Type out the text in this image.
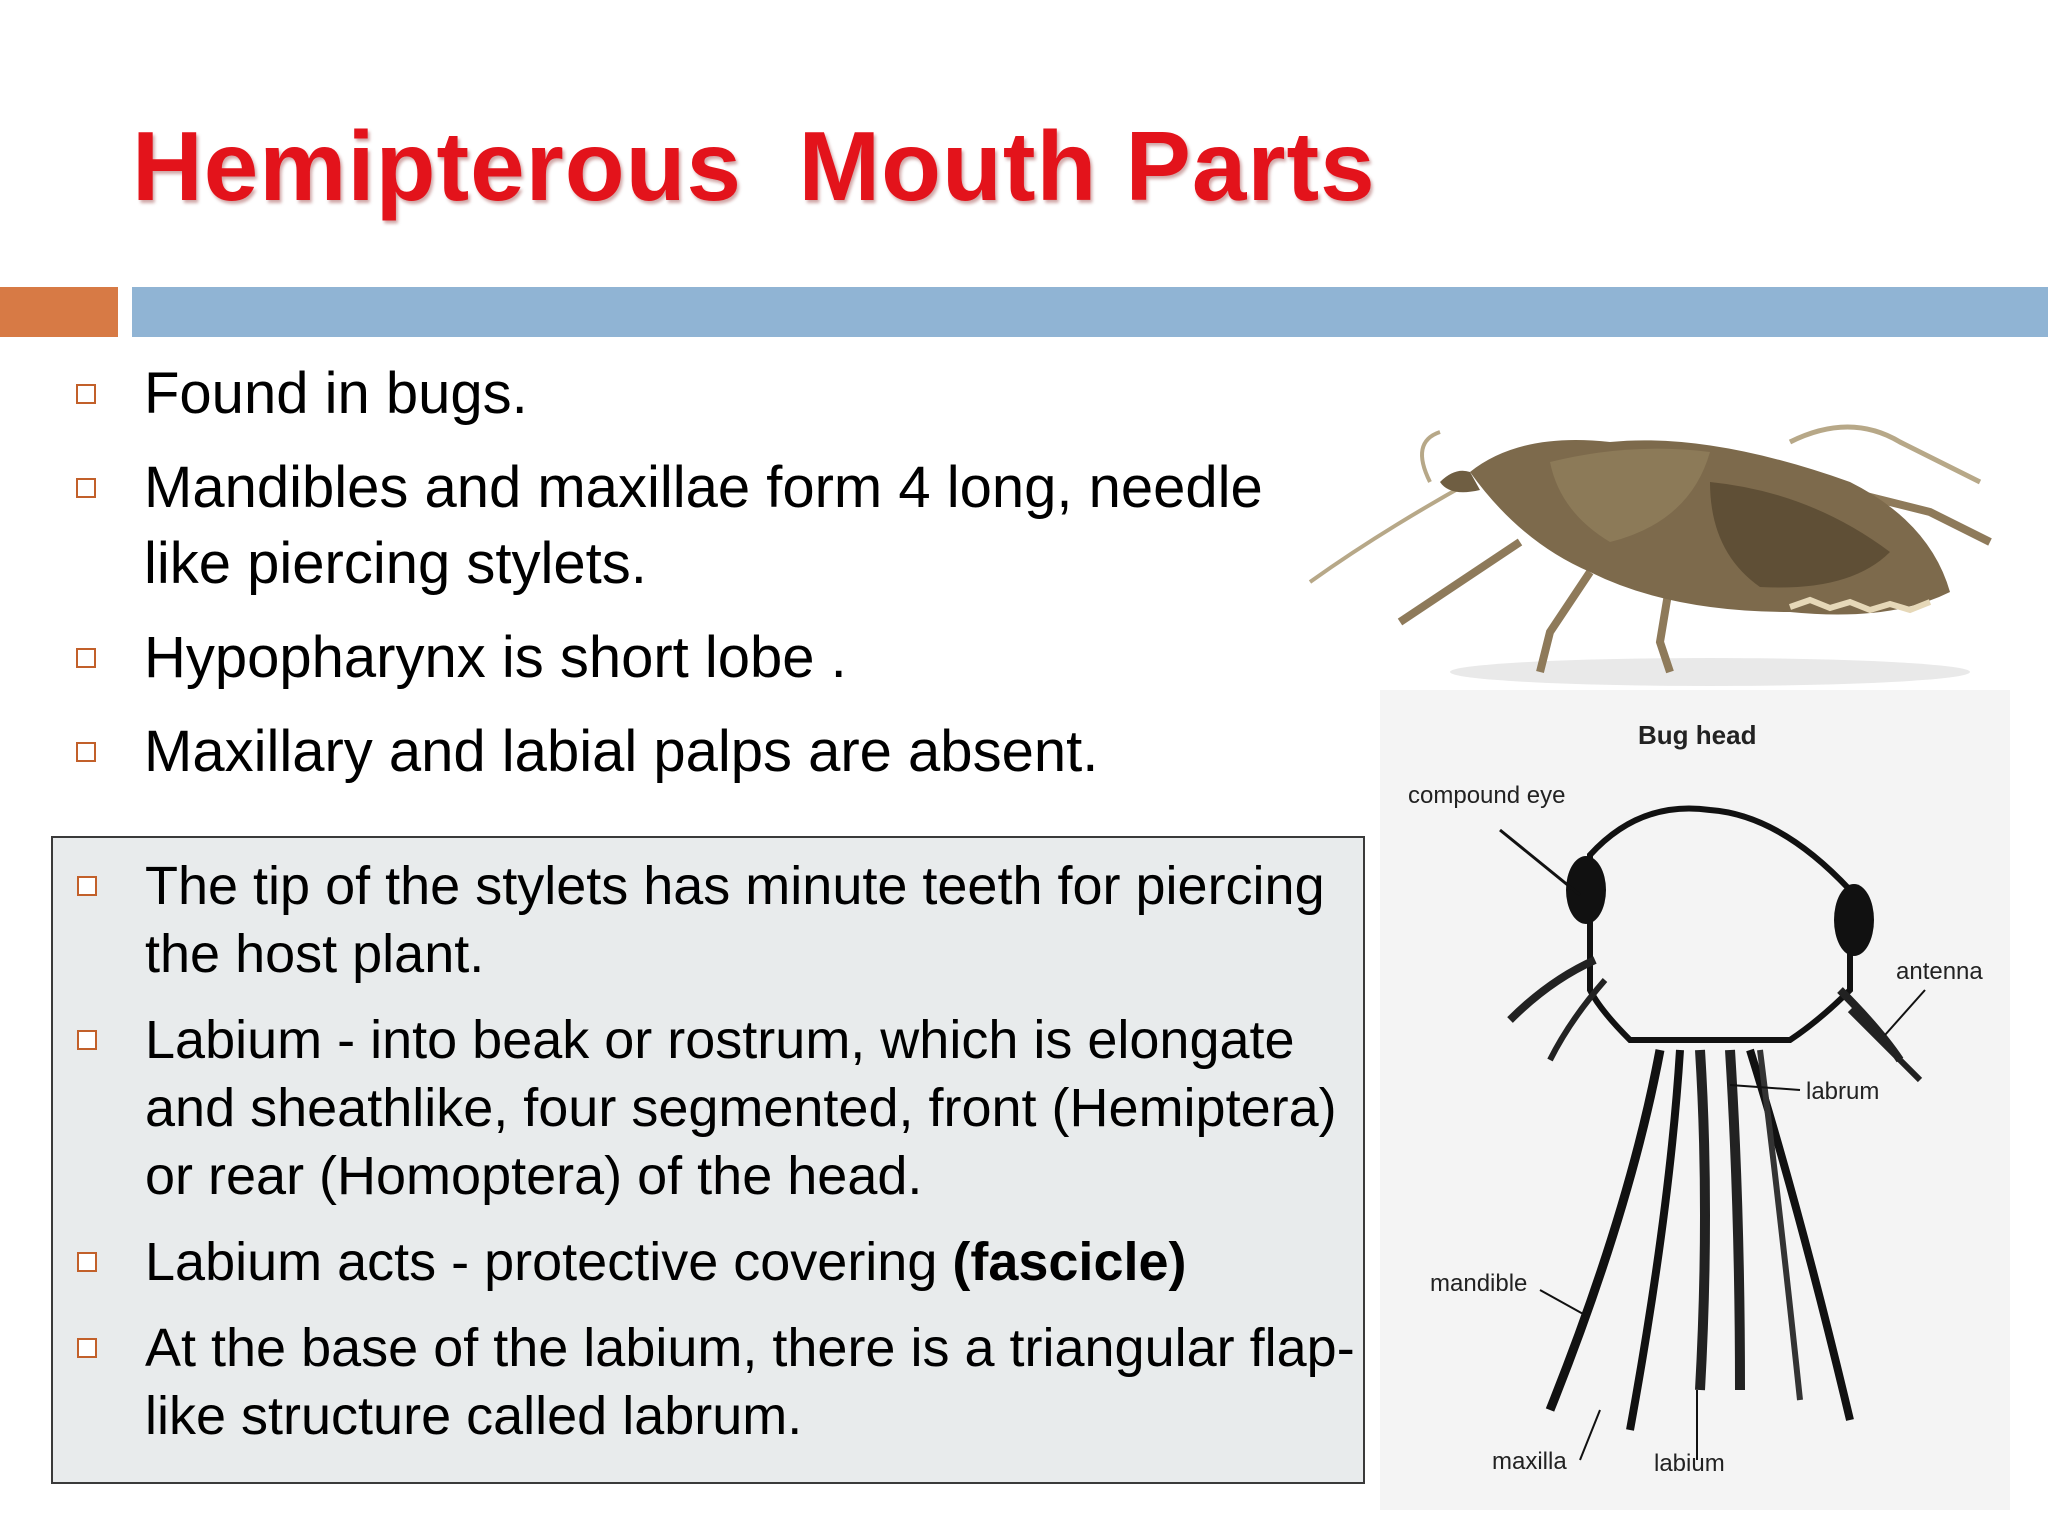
Hemipterous  Mouth Parts
Found in bugs.
Mandibles and maxillae form 4 long, needle like piercing stylets.
Hypopharynx is short lobe .
Maxillary and labial palps are absent.
The tip of the stylets has minute teeth for piercing the host plant.
Labium - into beak or rostrum, which is elongate and sheathlike, four segmented, front (Hemiptera) or rear (Homoptera) of the head.
Labium acts - protective covering (fascicle)
At the base of the labium, there is a triangular flap-like structure called labrum.
Bug head
compound eye
antenna
labrum
mandible
maxilla	labium
